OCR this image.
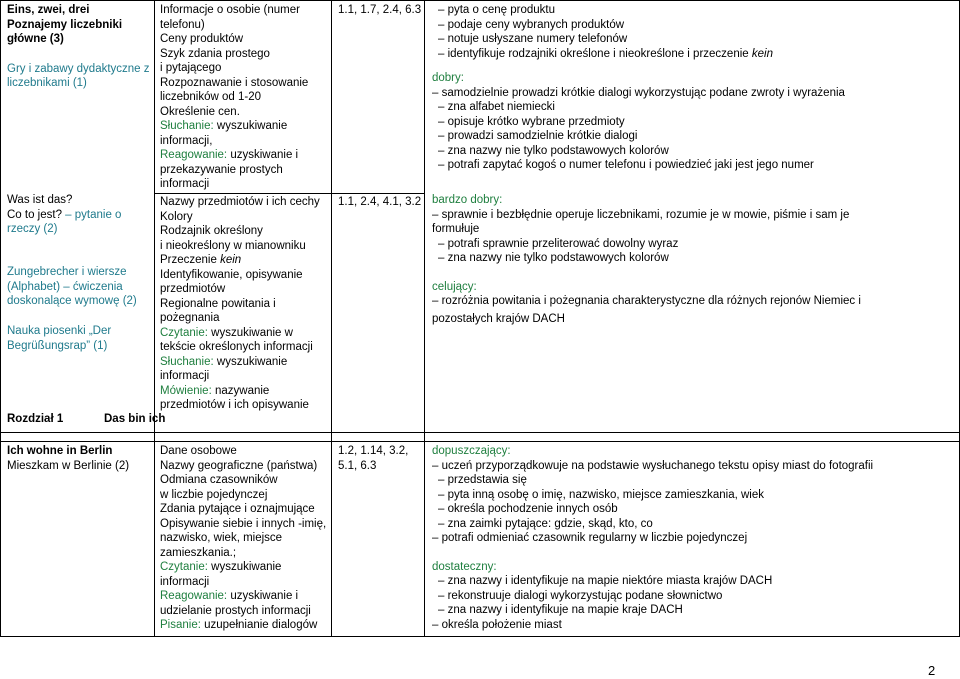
Eins, zwei, drei
Poznajemy liczebniki
główne (3)
Gry i zabawy dydaktyczne z
liczebnikami (1)
Was ist das?
Co to jest? – pytanie o
rzeczy (2)
Zungebrecher i wiersze
(Alphabet) – ćwiczenia
doskonalące wymowę (2)
Nauka piosenki „Der
Begrüßungsrap” (1)
Rozdział 1	Das bin ich
Informacje o osobie (numer
telefonu)
Ceny produktów
Szyk zdania prostego
i pytającego
Rozpoznawanie i stosowanie
liczebników od 1-20
Określenie cen.
Słuchanie: wyszukiwanie
informacji,
Reagowanie: uzyskiwanie i
przekazywanie prostych
informacji
Nazwy przedmiotów i ich cechy
Kolory
Rodzajnik określony
i nieokreślony w mianowniku
Przeczenie kein
Identyfikowanie, opisywanie
przedmiotów
Regionalne powitania i
pożegnania
Czytanie: wyszukiwanie w
tekście określonych informacji
Słuchanie: wyszukiwanie
informacji
Mówienie: nazywanie
przedmiotów i ich opisywanie
1.1, 1.7, 2.4, 6.3
1.1, 2.4, 4.1, 3.2
– pyta o cenę produktu
– podaje ceny wybranych produktów
– notuje usłyszane numery telefonów
– identyfikuje rodzajniki określone i nieokreślone i przeczenie kein
dobry:
– samodzielnie prowadzi krótkie dialogi wykorzystując podane zwroty i wyrażenia
– zna alfabet niemiecki
– opisuje krótko wybrane przedmioty
– prowadzi samodzielnie krótkie dialogi
– zna nazwy nie tylko podstawowych kolorów
– potrafi zapytać kogoś o numer telefonu i powiedzieć jaki jest jego numer
bardzo dobry:
– sprawnie i bezbłędnie operuje liczebnikami, rozumie je w mowie, piśmie i sam je
formułuje
– potrafi sprawnie przeliterować dowolny wyraz
– zna nazwy nie tylko podstawowych kolorów
celujący:
– rozróżnia powitania i pożegnania charakterystyczne dla różnych rejonów Niemiec i
pozostałych krajów DACH
Ich wohne in Berlin
Mieszkam w Berlinie (2)
Dane osobowe
Nazwy geograficzne (państwa)
Odmiana czasowników
w liczbie pojedynczej
Zdania pytające i oznajmujące
Opisywanie siebie i innych -imię,
nazwisko, wiek, miejsce
zamieszkania.;
Czytanie: wyszukiwanie
informacji
Reagowanie: uzyskiwanie i
udzielanie prostych informacji
Pisanie: uzupełnianie dialogów
1.2, 1.14, 3.2,
5.1, 6.3
dopuszczający:
– uczeń przyporządkowuje na podstawie wysłuchanego tekstu opisy miast do fotografii
– przedstawia się
– pyta inną osobę o imię, nazwisko, miejsce zamieszkania, wiek
– określa pochodzenie innych osób
– zna zaimki pytające: gdzie, skąd, kto, co
– potrafi odmieniać czasownik regularny w liczbie pojedynczej
dostateczny:
– zna nazwy i identyfikuje na mapie niektóre miasta krajów DACH
– rekonstruuje dialogi wykorzystując podane słownictwo
– zna nazwy i identyfikuje na mapie kraje DACH
– określa położenie miast
2
